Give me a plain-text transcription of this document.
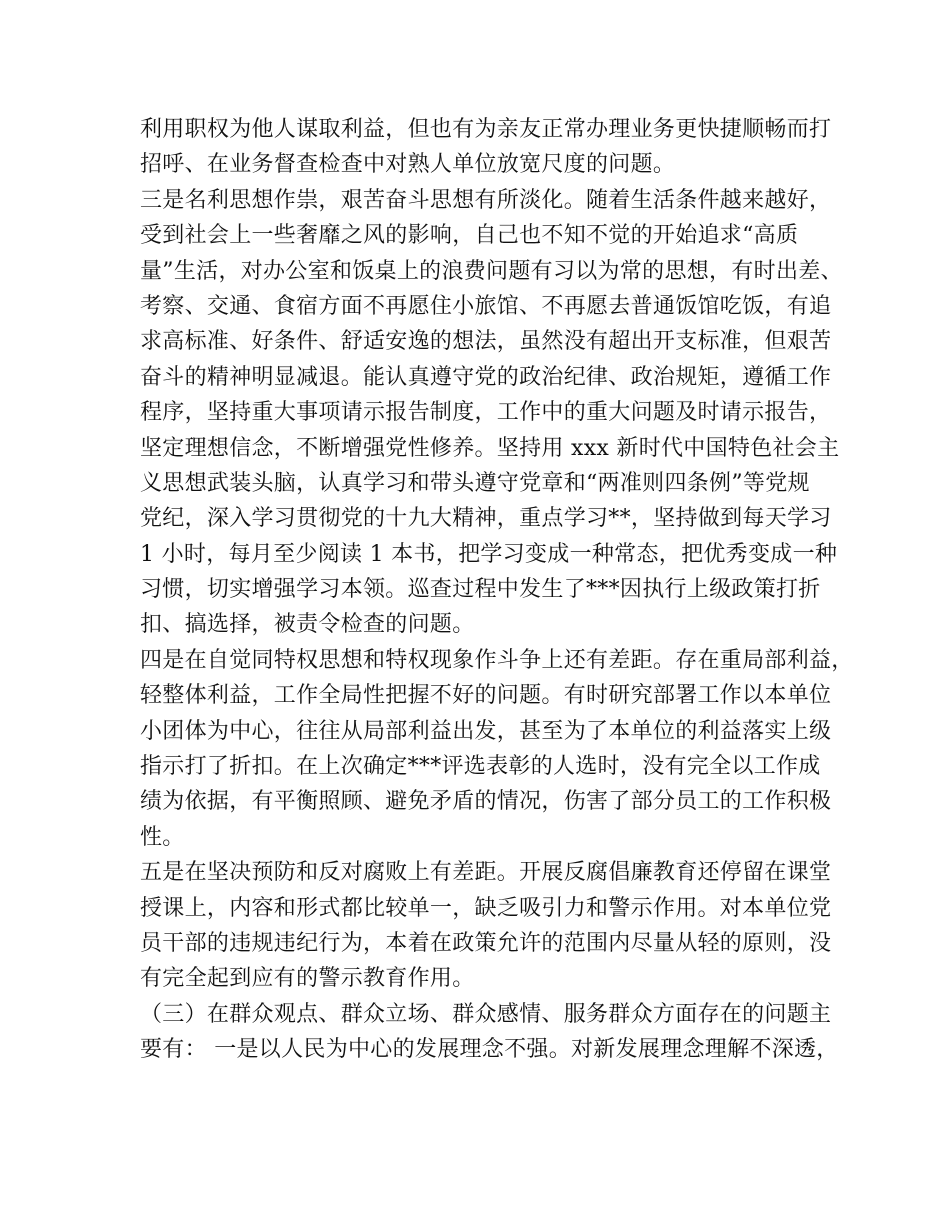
利用职权为他人谋取利益，但也有为亲友正常办理业务更快捷顺畅而打
招呼、在业务督查检查中对熟人单位放宽尺度的问题。
三是名利思想作祟，艰苦奋斗思想有所淡化。随着生活条件越来越好，
受到社会上一些奢靡之风的影响，自己也不知不觉的开始追求“高质
量”生活，对办公室和饭桌上的浪费问题有习以为常的思想，有时出差、
考察、交通、食宿方面不再愿住小旅馆、不再愿去普通饭馆吃饭，有追
求高标准、好条件、舒适安逸的想法，虽然没有超出开支标准，但艰苦
奋斗的精神明显减退。能认真遵守党的政治纪律、政治规矩，遵循工作
程序，坚持重大事项请示报告制度，工作中的重大问题及时请示报告，
坚定理想信念，不断增强党性修养。坚持用 xxx 新时代中国特色社会主
义思想武装头脑，认真学习和带头遵守党章和“两准则四条例”等党规
党纪，深入学习贯彻党的十九大精神，重点学习**，坚持做到每天学习
1 小时，每月至少阅读 1 本书，把学习变成一种常态，把优秀变成一种
习惯，切实增强学习本领。巡查过程中发生了***因执行上级政策打折
扣、搞选择，被责令检查的问题。
四是在自觉同特权思想和特权现象作斗争上还有差距。存在重局部利益，
轻整体利益，工作全局性把握不好的问题。有时研究部署工作以本单位
小团体为中心，往往从局部利益出发，甚至为了本单位的利益落实上级
指示打了折扣。在上次确定***评选表彰的人选时，没有完全以工作成
绩为依据，有平衡照顾、避免矛盾的情况，伤害了部分员工的工作积极
性。
五是在坚决预防和反对腐败上有差距。开展反腐倡廉教育还停留在课堂
授课上，内容和形式都比较单一，缺乏吸引力和警示作用。对本单位党
员干部的违规违纪行为，本着在政策允许的范围内尽量从轻的原则，没
有完全起到应有的警示教育作用。
（三）在群众观点、群众立场、群众感情、服务群众方面存在的问题主
要有： 一是以人民为中心的发展理念不强。对新发展理念理解不深透，
